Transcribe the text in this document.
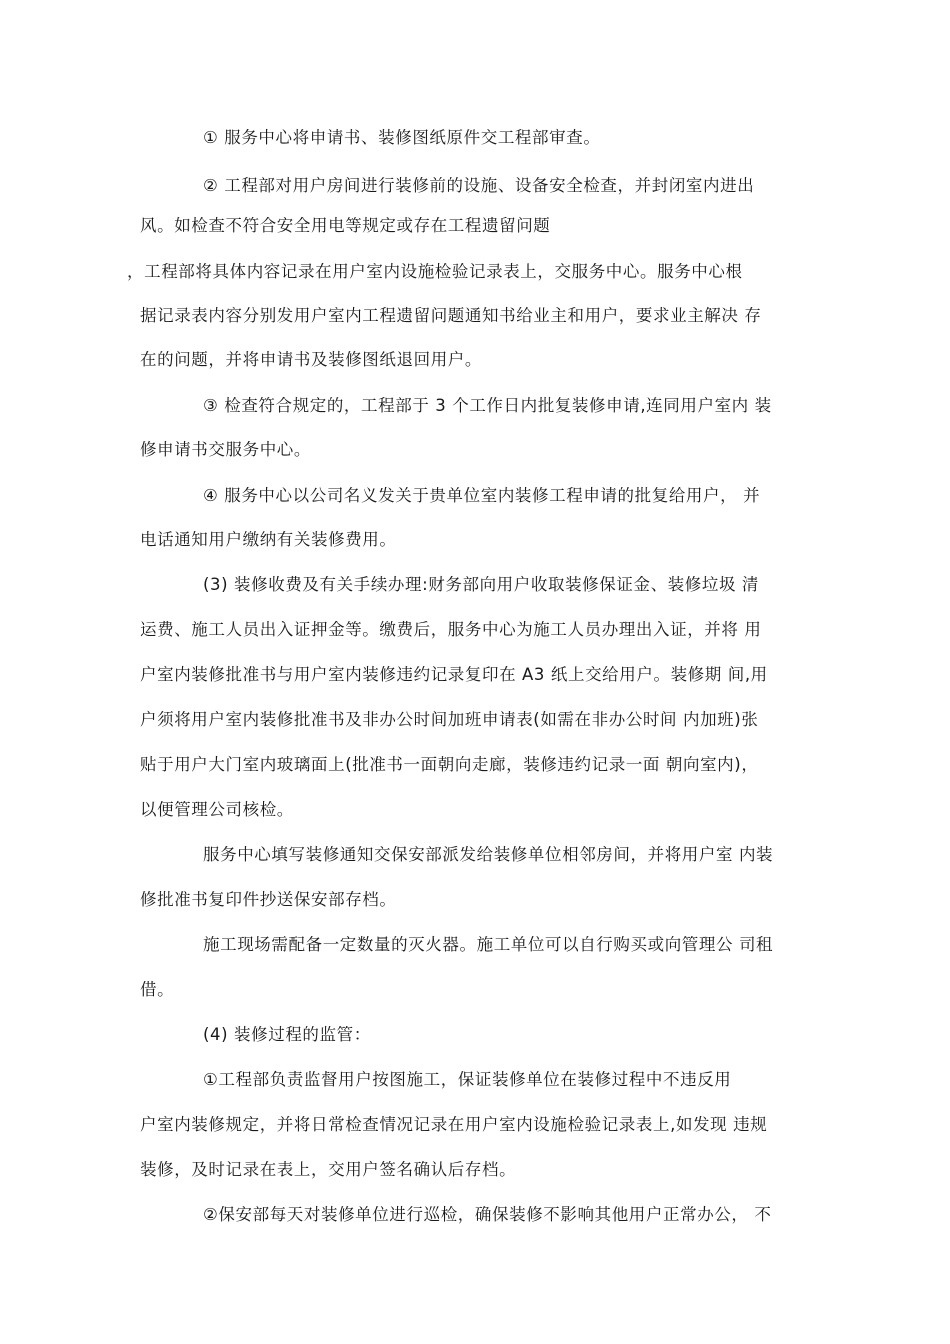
① 服务中心将申请书、装修图纸原件交工程部审查。
② 工程部对用户房间进行装修前的设施、设备安全检查，并封闭室内进出
风。如检查不符合安全用电等规定或存在工程遗留问题
，工程部将具体内容记录在用户室内设施检验记录表上，交服务中心。服务中心根
据记录表内容分别发用户室内工程遗留问题通知书给业主和用户，要求业主解决 存
在的问题，并将申请书及装修图纸退回用户。
③ 检查符合规定的，工程部于 3 个工作日内批复装修申请,连同用户室内 装
修申请书交服务中心。
④ 服务中心以公司名义发关于贵单位室内装修工程申请的批复给用户， 并
电话通知用户缴纳有关装修费用。
(3) 装修收费及有关手续办理:财务部向用户收取装修保证金、装修垃圾 清
运费、施工人员出入证押金等。缴费后，服务中心为施工人员办理出入证，并将 用
户室内装修批准书与用户室内装修违约记录复印在 A3 纸上交给用户。装修期 间,用
户须将用户室内装修批准书及非办公时间加班申请表(如需在非办公时间 内加班)张
贴于用户大门室内玻璃面上(批准书一面朝向走廊，装修违约记录一面 朝向室内)，
以便管理公司核检。
服务中心填写装修通知交保安部派发给装修单位相邻房间，并将用户室 内装
修批准书复印件抄送保安部存档。
施工现场需配备一定数量的灭火器。施工单位可以自行购买或向管理公 司租
借。
(4) 装修过程的监管：
①工程部负责监督用户按图施工，保证装修单位在装修过程中不违反用
户室内装修规定，并将日常检查情况记录在用户室内设施检验记录表上,如发现 违规
装修，及时记录在表上，交用户签名确认后存档。
②保安部每天对装修单位进行巡检，确保装修不影响其他用户正常办公， 不
